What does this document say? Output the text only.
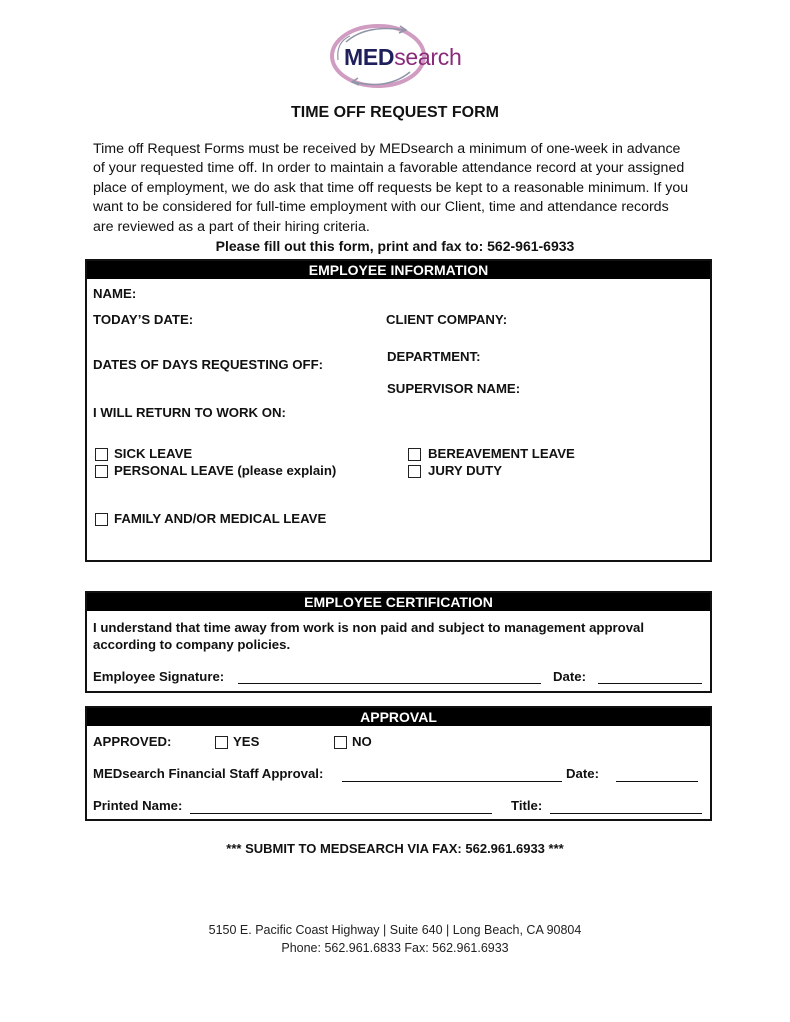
MEDsearch
TIME OFF REQUEST FORM
Time off Request Forms must be received by MEDsearch a minimum of one-week in advance of your requested time off. In order to maintain a favorable attendance record at your assigned place of employment, we do ask that time off requests be kept to a reasonable minimum. If you want to be considered for full-time employment with our Client, time and attendance records are reviewed as a part of their hiring criteria.
Please fill out this form, print and fax to: 562-961-6933
EMPLOYEE INFORMATION
NAME:
TODAY’S DATE:	CLIENT COMPANY:
DEPARTMENT:
DATES OF DAYS REQUESTING OFF:
SUPERVISOR NAME:
I WILL RETURN TO WORK ON:
SICK LEAVE
PERSONAL LEAVE (please explain)
BEREAVEMENT LEAVE
JURY DUTY
FAMILY AND/OR MEDICAL LEAVE
EMPLOYEE CERTIFICATION
I understand that time away from work is non paid and subject to management approval
according to company policies.
Employee Signature:	Date:
APPROVAL
APPROVED:	YES	NO
MEDsearch Financial Staff Approval:	Date:
Printed Name:	Title:
*** SUBMIT TO MEDSEARCH VIA FAX: 562.961.6933 ***
5150 E. Pacific Coast Highway | Suite 640 | Long Beach, CA 90804
Phone: 562.961.6833 Fax: 562.961.6933
